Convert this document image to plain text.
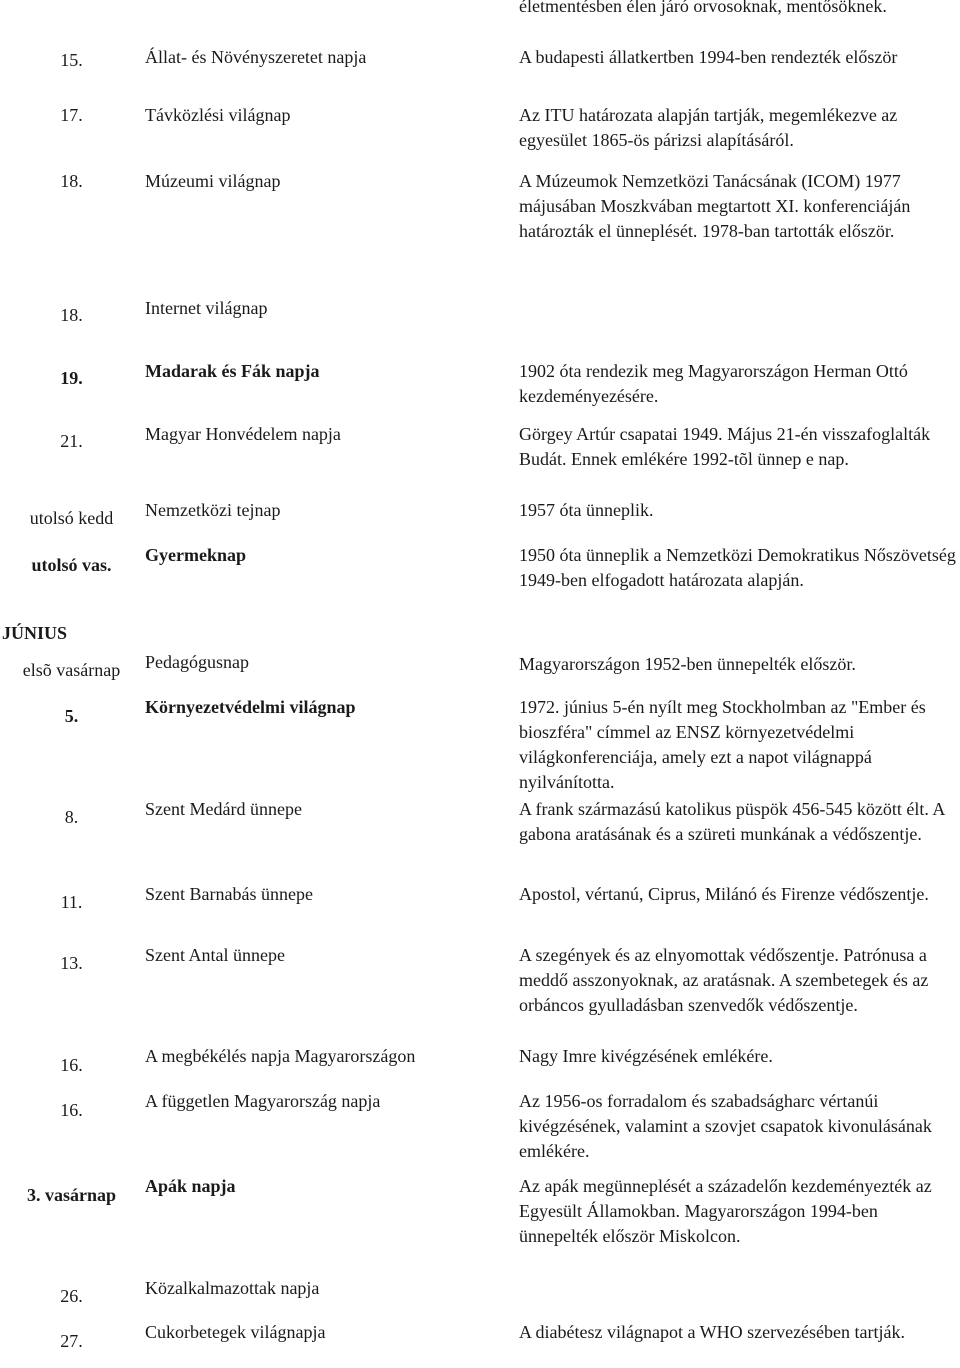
életmentésben élen járó orvosoknak, mentősöknek.
15.	Állat- és Növényszeretet napja	A budapesti állatkertben 1994-ben rendezték először
17.	Távközlési világnap	Az ITU határozata alapján tartják, megemlékezve az egyesület 1865-ös párizsi alapításáról.
18.	Múzeumi világnap	A Múzeumok Nemzetközi Tanácsának (ICOM) 1977 májusában Moszkvában megtartott XI. konferenciáján határozták el ünneplését. 1978-ban tartották először.
18.	Internet világnap
19.	Madarak és Fák napja	1902 óta rendezik meg Magyarországon Herman Ottó kezdeményezésére.
21.	Magyar Honvédelem napja	Görgey Artúr csapatai 1949. Május 21-én visszafoglalták Budát. Ennek emlékére 1992-tõl ünnep e nap.
utolsó kedd	Nemzetközi tejnap	1957 óta ünneplik.
utolsó vas.	Gyermeknap	1950 óta ünneplik a Nemzetközi Demokratikus Nőszövetség 1949-ben elfogadott határozata alapján.
JÚNIUS
elsõ vasárnap	Pedagógusnap	Magyarországon 1952-ben ünnepelték először.
5.	Környezetvédelmi világnap	1972. június 5-én nyílt meg Stockholmban az "Ember és bioszféra" címmel az ENSZ környezetvédelmi világkonferenciája, amely ezt a napot világnappá nyilvánította.
8.	Szent Medárd ünnepe	A frank származású katolikus püspök 456-545 között élt. A gabona aratásának és a szüreti munkának a védőszentje.
11.	Szent Barnabás ünnepe	Apostol, vértanú, Ciprus, Milánó és Firenze védőszentje.
13.	Szent Antal ünnepe	A szegények és az elnyomottak védőszentje. Patrónusa a meddő asszonyoknak, az aratásnak. A szembetegek és az orbáncos gyulladásban szenvedők védőszentje.
16.	A megbékélés napja Magyarországon	Nagy Imre kivégzésének emlékére.
16.	A független Magyarország napja	Az 1956-os forradalom és szabadságharc vértanúi kivégzésének, valamint a szovjet csapatok kivonulásának emlékére.
3. vasárnap	Apák napja	Az apák megünneplését a századelőn kezdeményezték az Egyesült Államokban. Magyarországon 1994-ben ünnepelték először Miskolcon.
26.	Közalkalmazottak napja
27.	Cukorbetegek világnapja	A diabétesz világnapot a WHO szervezésében tartják.
